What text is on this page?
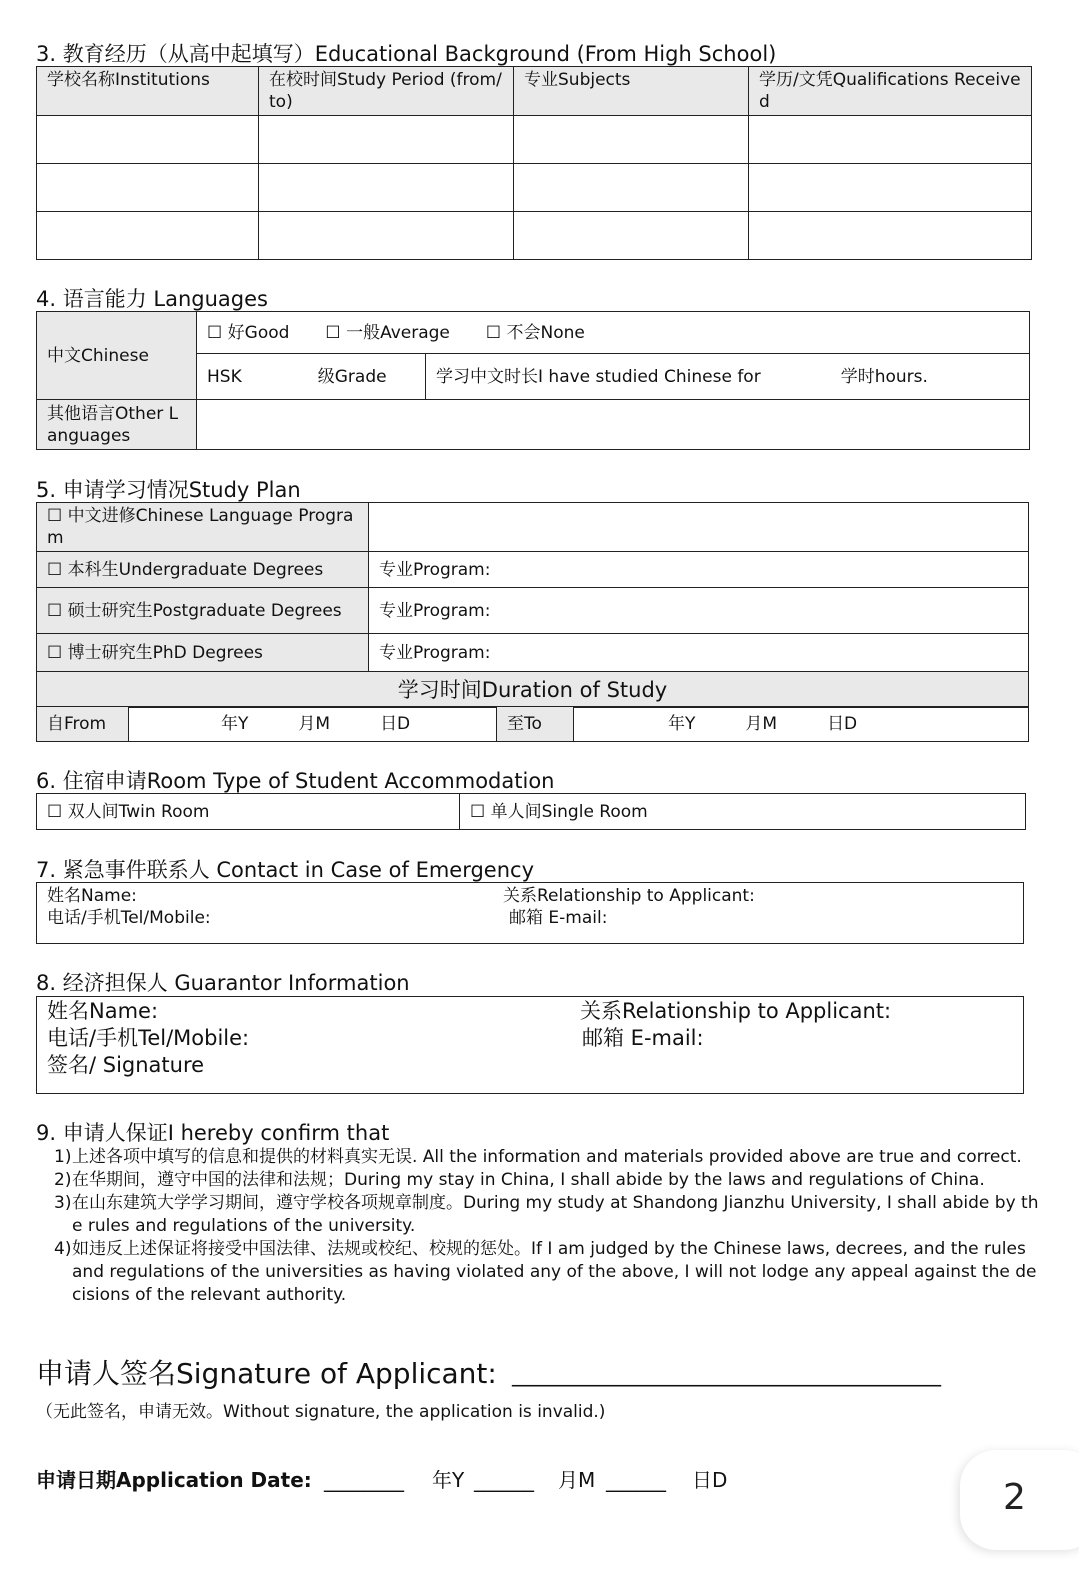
3. 教育经历（从高中起填写）Educational Background (From High School)
学校名称Institutions	在校时间Study Period (from/to)	专业Subjects	学历/文凭Qualifications Received

4. 语言能力 Languages
中文Chinese	☐ 好Good ☐ 一般Average ☐ 不会None	
	HSK 级Grade	学习中文时长I have studied Chinese for 学时hours.
其他语言Other Languages		
5. 申请学习情况Study Plan
☐ 中文进修Chinese Language Program	
☐ 本科生Undergraduate Degrees	专业Program:
☐ 硕士研究生Postgraduate Degrees	专业Program:
☐ 博士研究生PhD Degrees	专业Program:
学习时间Duration of Study	
自From	年Y	月M	日D	至To	年Y	月M	日D
6. 住宿申请Room Type of Student Accommodation
☐ 双人间Twin Room	☐ 单人间Single Room
7. 紧急事件联系人 Contact in Case of Emergency
姓名Name:	关系Relationship to Applicant:
电话/手机Tel/Mobile:	邮箱 E-mail:
8. 经济担保人 Guarantor Information
姓名Name:	关系Relationship to Applicant:
电话/手机Tel/Mobile:	邮箱 E-mail:
签名/ Signature
9. 申请人保证I hereby confirm that
1) 上述各项中填写的信息和提供的材料真实无误. All the information and materials provided above are true and correct.
2) 在华期间，遵守中国的法律和法规；During my stay in China, I shall abide by the laws and regulations of China.
3) 在山东建筑大学学习期间，遵守学校各项规章制度。During my study at Shandong Jianzhu University, I shall abide by the rules and regulations of the university.
4) 如违反上述保证将接受中国法律、法规或校纪、校规的惩处。If I am judged by the Chinese laws, decrees, and the rules and regulations of the universities as having violated any of the above, I will not lodge any appeal against the decisions of the relevant authority.
申请人签名Signature of Applicant: _______________________________________
（无此签名，申请无效。Without signature, the application is invalid.)
申请日期Application Date: ________ 年Y ______ 月M ______ 日D	2
